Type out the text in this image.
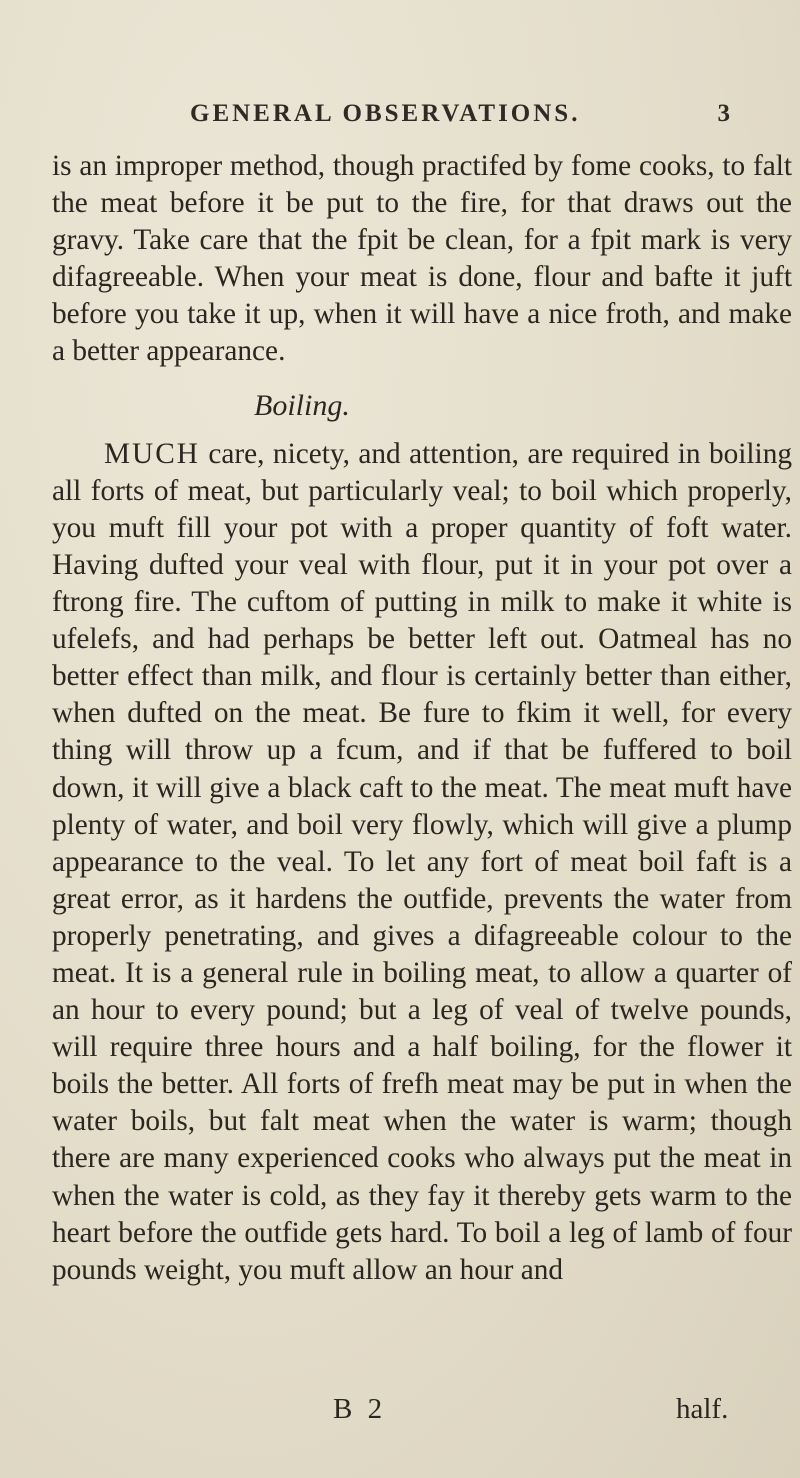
GENERAL OBSERVATIONS.	3

is an improper method, though practifed by fome cooks, to falt the meat before it be put to the fire, for that draws out the gravy. Take care that the fpit be clean, for a fpit mark is very difagreeable. When your meat is done, flour and bafte it juft before you take it up, when it will have a nice froth, and make a better appearance.

Boiling.

MUCH care, nicety, and attention, are required in boiling all forts of meat, but particularly veal; to boil which properly, you muft fill your pot with a proper quantity of foft water. Having dufted your veal with flour, put it in your pot over a ftrong fire. The cuftom of putting in milk to make it white is ufelefs, and had perhaps be better left out. Oatmeal has no better effect than milk, and flour is certainly better than either, when dufted on the meat. Be fure to fkim it well, for every thing will throw up a fcum, and if that be fuffered to boil down, it will give a black caft to the meat. The meat muft have plenty of water, and boil very flowly, which will give a plump appearance to the veal. To let any fort of meat boil faft is a great error, as it hardens the outfide, prevents the water from properly penetrating, and gives a difagreeable colour to the meat. It is a general rule in boiling meat, to allow a quarter of an hour to every pound; but a leg of veal of twelve pounds, will require three hours and a half boiling, for the flower it boils the better. All forts of frefh meat may be put in when the water boils, but falt meat when the water is warm; though there are many experienced cooks who always put the meat in when the water is cold, as they fay it thereby gets warm to the heart before the outfide gets hard. To boil a leg of lamb of four pounds weight, you muft allow an hour and

B 2	half.
